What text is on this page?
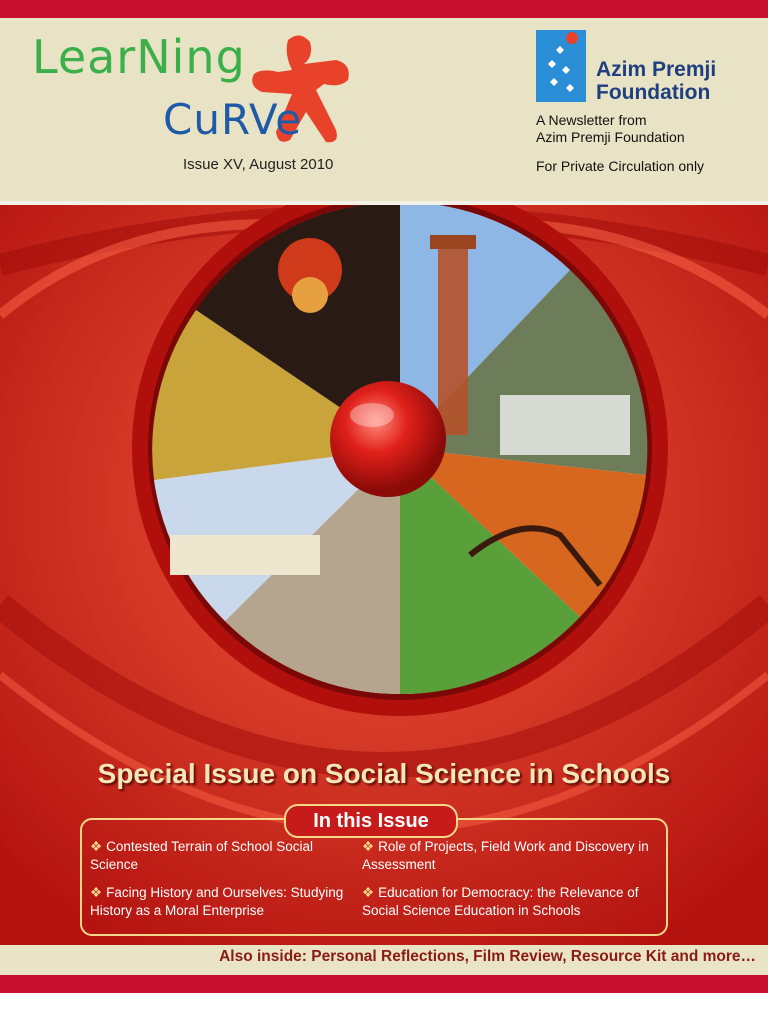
LearNing
CuRVe
Issue XV, August 2010
Azim Premji
Foundation
A Newsletter from
Azim Premji Foundation
For Private Circulation only
Special Issue on Social Science in Schools
In this Issue
❖ Contested Terrain of School Social Science
❖ Role of Projects, Field Work and Discovery in Assessment
❖ Facing History and Ourselves: Studying History as a Moral Enterprise
❖ Education for Democracy: the Relevance of Social Science Education in Schools
Also inside: Personal Reflections, Film Review, Resource Kit and more…
